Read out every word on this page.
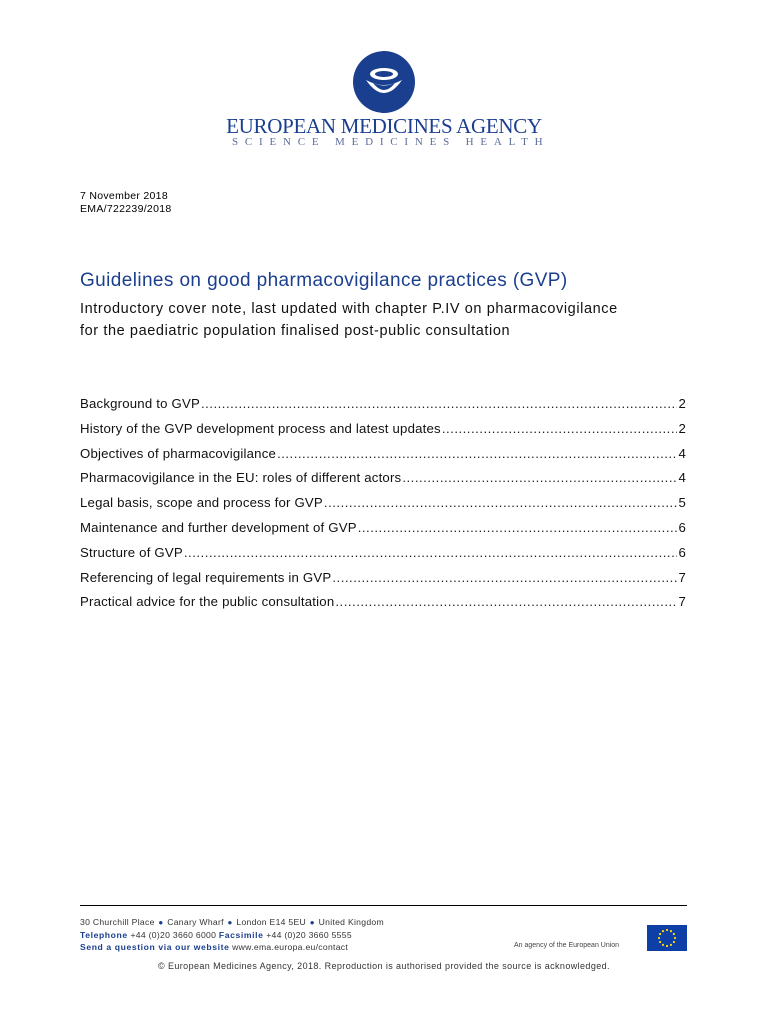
EUROPEAN MEDICINES AGENCY
SCIENCE MEDICINES HEALTH
7 November 2018
EMA/722239/2018
Guidelines on good pharmacovigilance practices (GVP)
Introductory cover note, last updated with chapter P.IV on pharmacovigilance for the paediatric population finalised post-public consultation
Background to GVP .....	2
History of the GVP development process and latest updates .....	2
Objectives of pharmacovigilance .....	4
Pharmacovigilance in the EU: roles of different actors .....	4
Legal basis, scope and process for GVP .....	5
Maintenance and further development of GVP .....	6
Structure of GVP .....	6
Referencing of legal requirements in GVP .....	7
Practical advice for the public consultation .....	7
30 Churchill Place ● Canary Wharf ● London E14 5EU ● United Kingdom
Telephone +44 (0)20 3660 6000 Facsimile +44 (0)20 3660 5555
Send a question via our website www.ema.europa.eu/contact	An agency of the European Union
© European Medicines Agency, 2018. Reproduction is authorised provided the source is acknowledged.
